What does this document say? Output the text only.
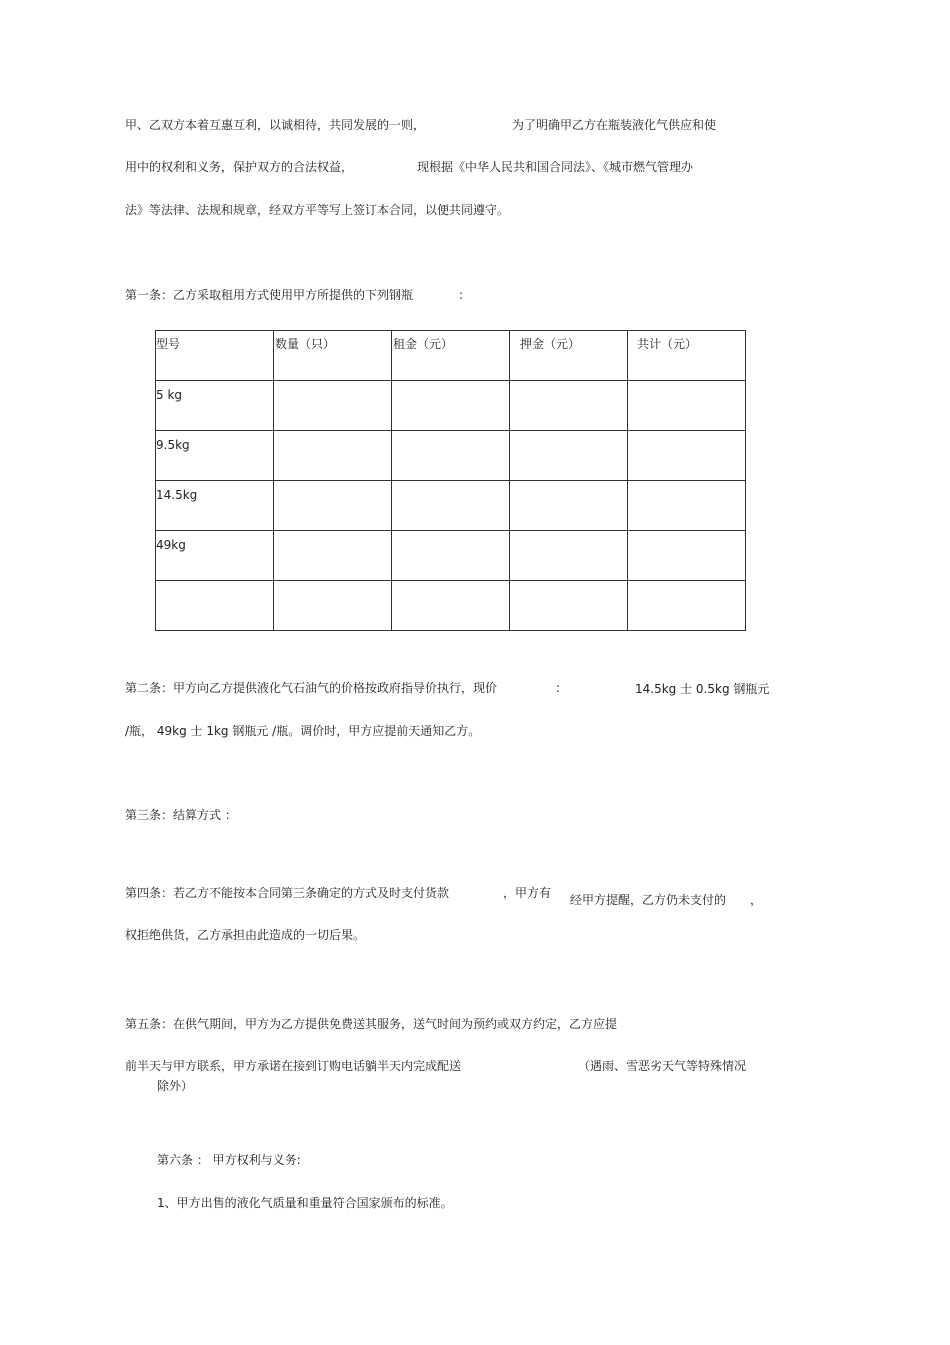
甲、乙双方本着互惠互利，以诚相待，共同发展的一则，	为了明确甲乙方在瓶装液化气供应和使
用中的权利和义务，保护双方的合法权益，	现根据《中华人民共和国合同法》、《城市燃气管理办
法》等法律、法规和规章，经双方平等写上签订本合同，以便共同遵守。
第一条：乙方采取租用方式使用甲方所提供的下列钢瓶	:
型号	数量（只）	租金（元）	押金（元）	共计（元）

5 kg				

9.5kg				

14.5kg				

49kg				

第二条：甲方向乙方提供液化气石油气的价格按政府指导价执行，现价	:	14.5kg 士 0.5kg 钢瓶元
/瓶， 49kg 士 1kg 钢瓶元 /瓶。调价时，甲方应提前天通知乙方。
第三条：结算方式 ：
第四条：若乙方不能按本合同第三条确定的方式及时支付货款	，甲方有 经甲方提醒，乙方仍未支付的 ，
权拒绝供货，乙方承担由此造成的一切后果。
第五条：在供气期间，甲方为乙方提供免费送其服务，送气时间为预约或双方约定，乙方应提
前半天与甲方联系，甲方承诺在接到订购电话躺半天内完成配送	（遇雨、雪恶劣天气等特殊情况
除外）
第六条 ： 甲方权利与义务:
1、甲方出售的液化气质量和重量符合国家颁布的标准。
